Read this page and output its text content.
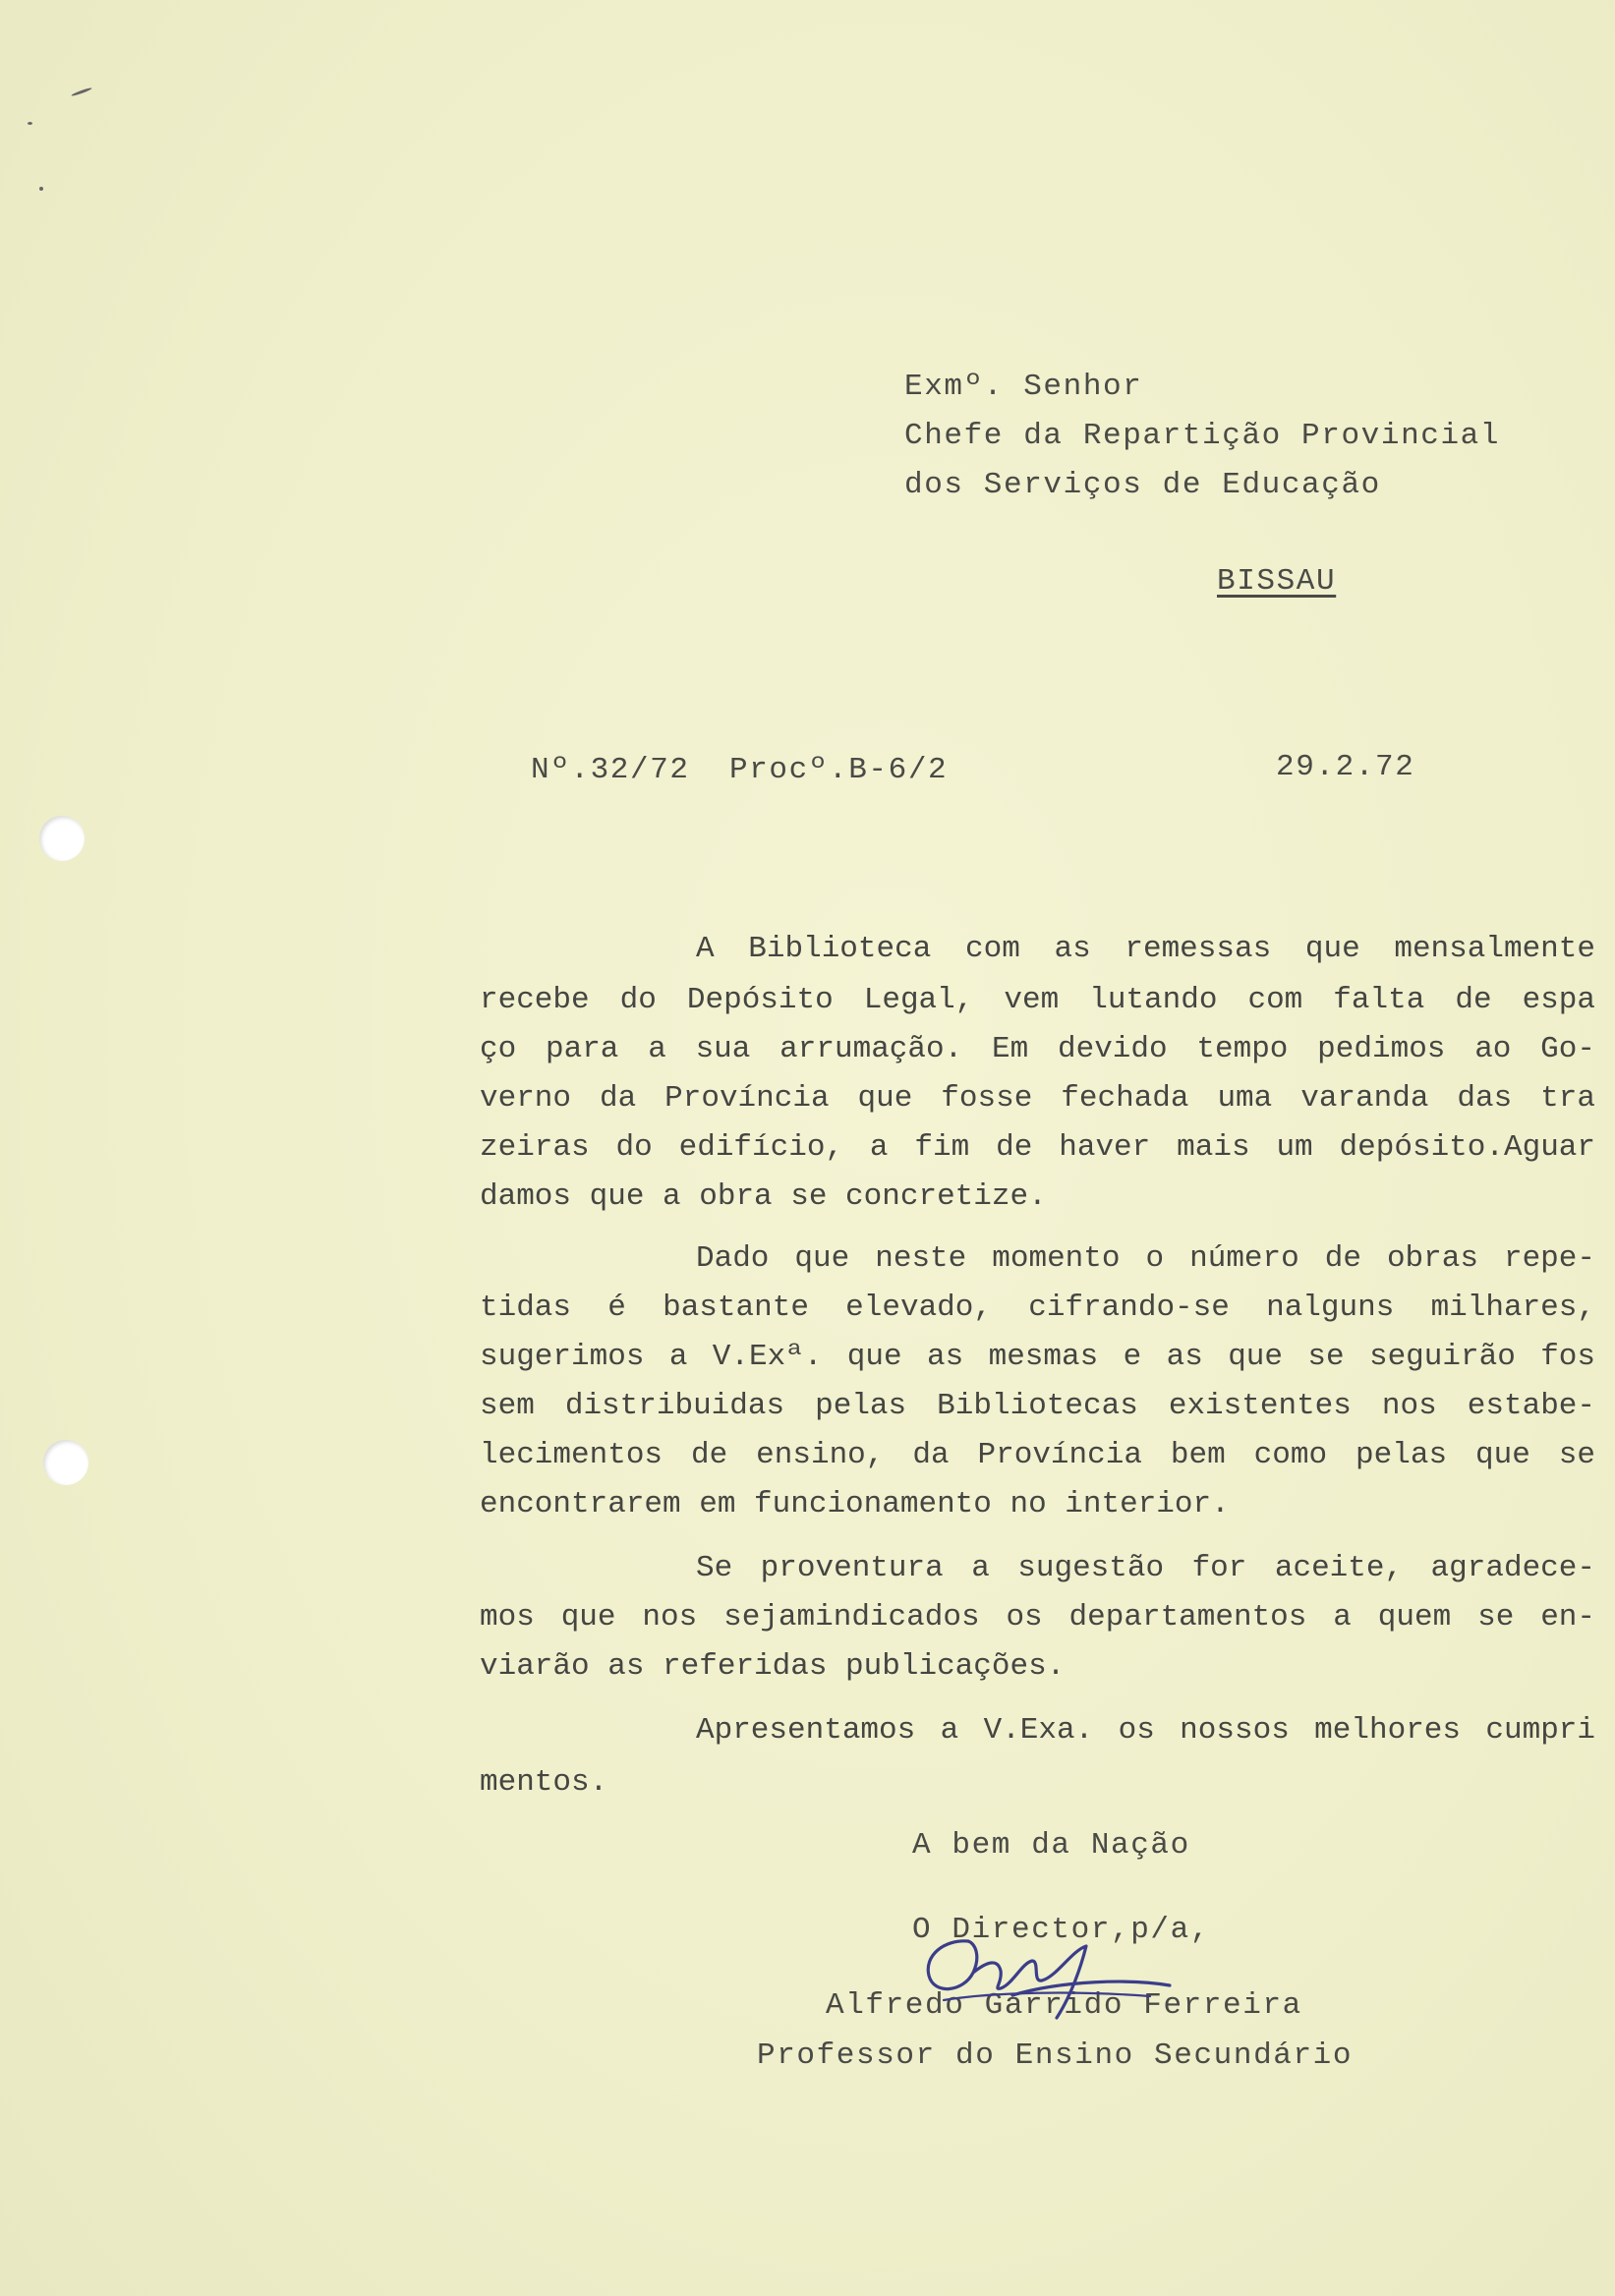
Exmº. Senhor
Chefe da Repartição Provincial
dos Serviços de Educação
BISSAU
Nº.32/72 Procº.B-6/2	29.2.72
A Biblioteca com as remessas que mensalmente
recebe do Depósito Legal, vem lutando com falta de espa
ço para a sua arrumação. Em devido tempo pedimos ao Go-
verno da Província que fosse fechada uma varanda das tra
zeiras do edifício, a fim de haver mais um depósito.Aguar
damos que a obra se concretize.
Dado que neste momento o número de obras repe-
tidas é bastante elevado, cifrando-se nalguns milhares,
sugerimos a V.Exª. que as mesmas e as que se seguirão fos
sem distribuidas pelas Bibliotecas existentes nos estabe-
lecimentos de ensino, da Província bem como pelas que se
encontrarem em funcionamento no interior.
Se proventura a sugestão for aceite, agradece-
mos que nos sejamindicados os departamentos a quem se en-
viarão as referidas publicações.
Apresentamos a V.Exa. os nossos melhores cumpri
mentos.
A bem da Nação
O Director,p/a,
Alfredo Garrido Ferreira
Professor do Ensino Secundário
